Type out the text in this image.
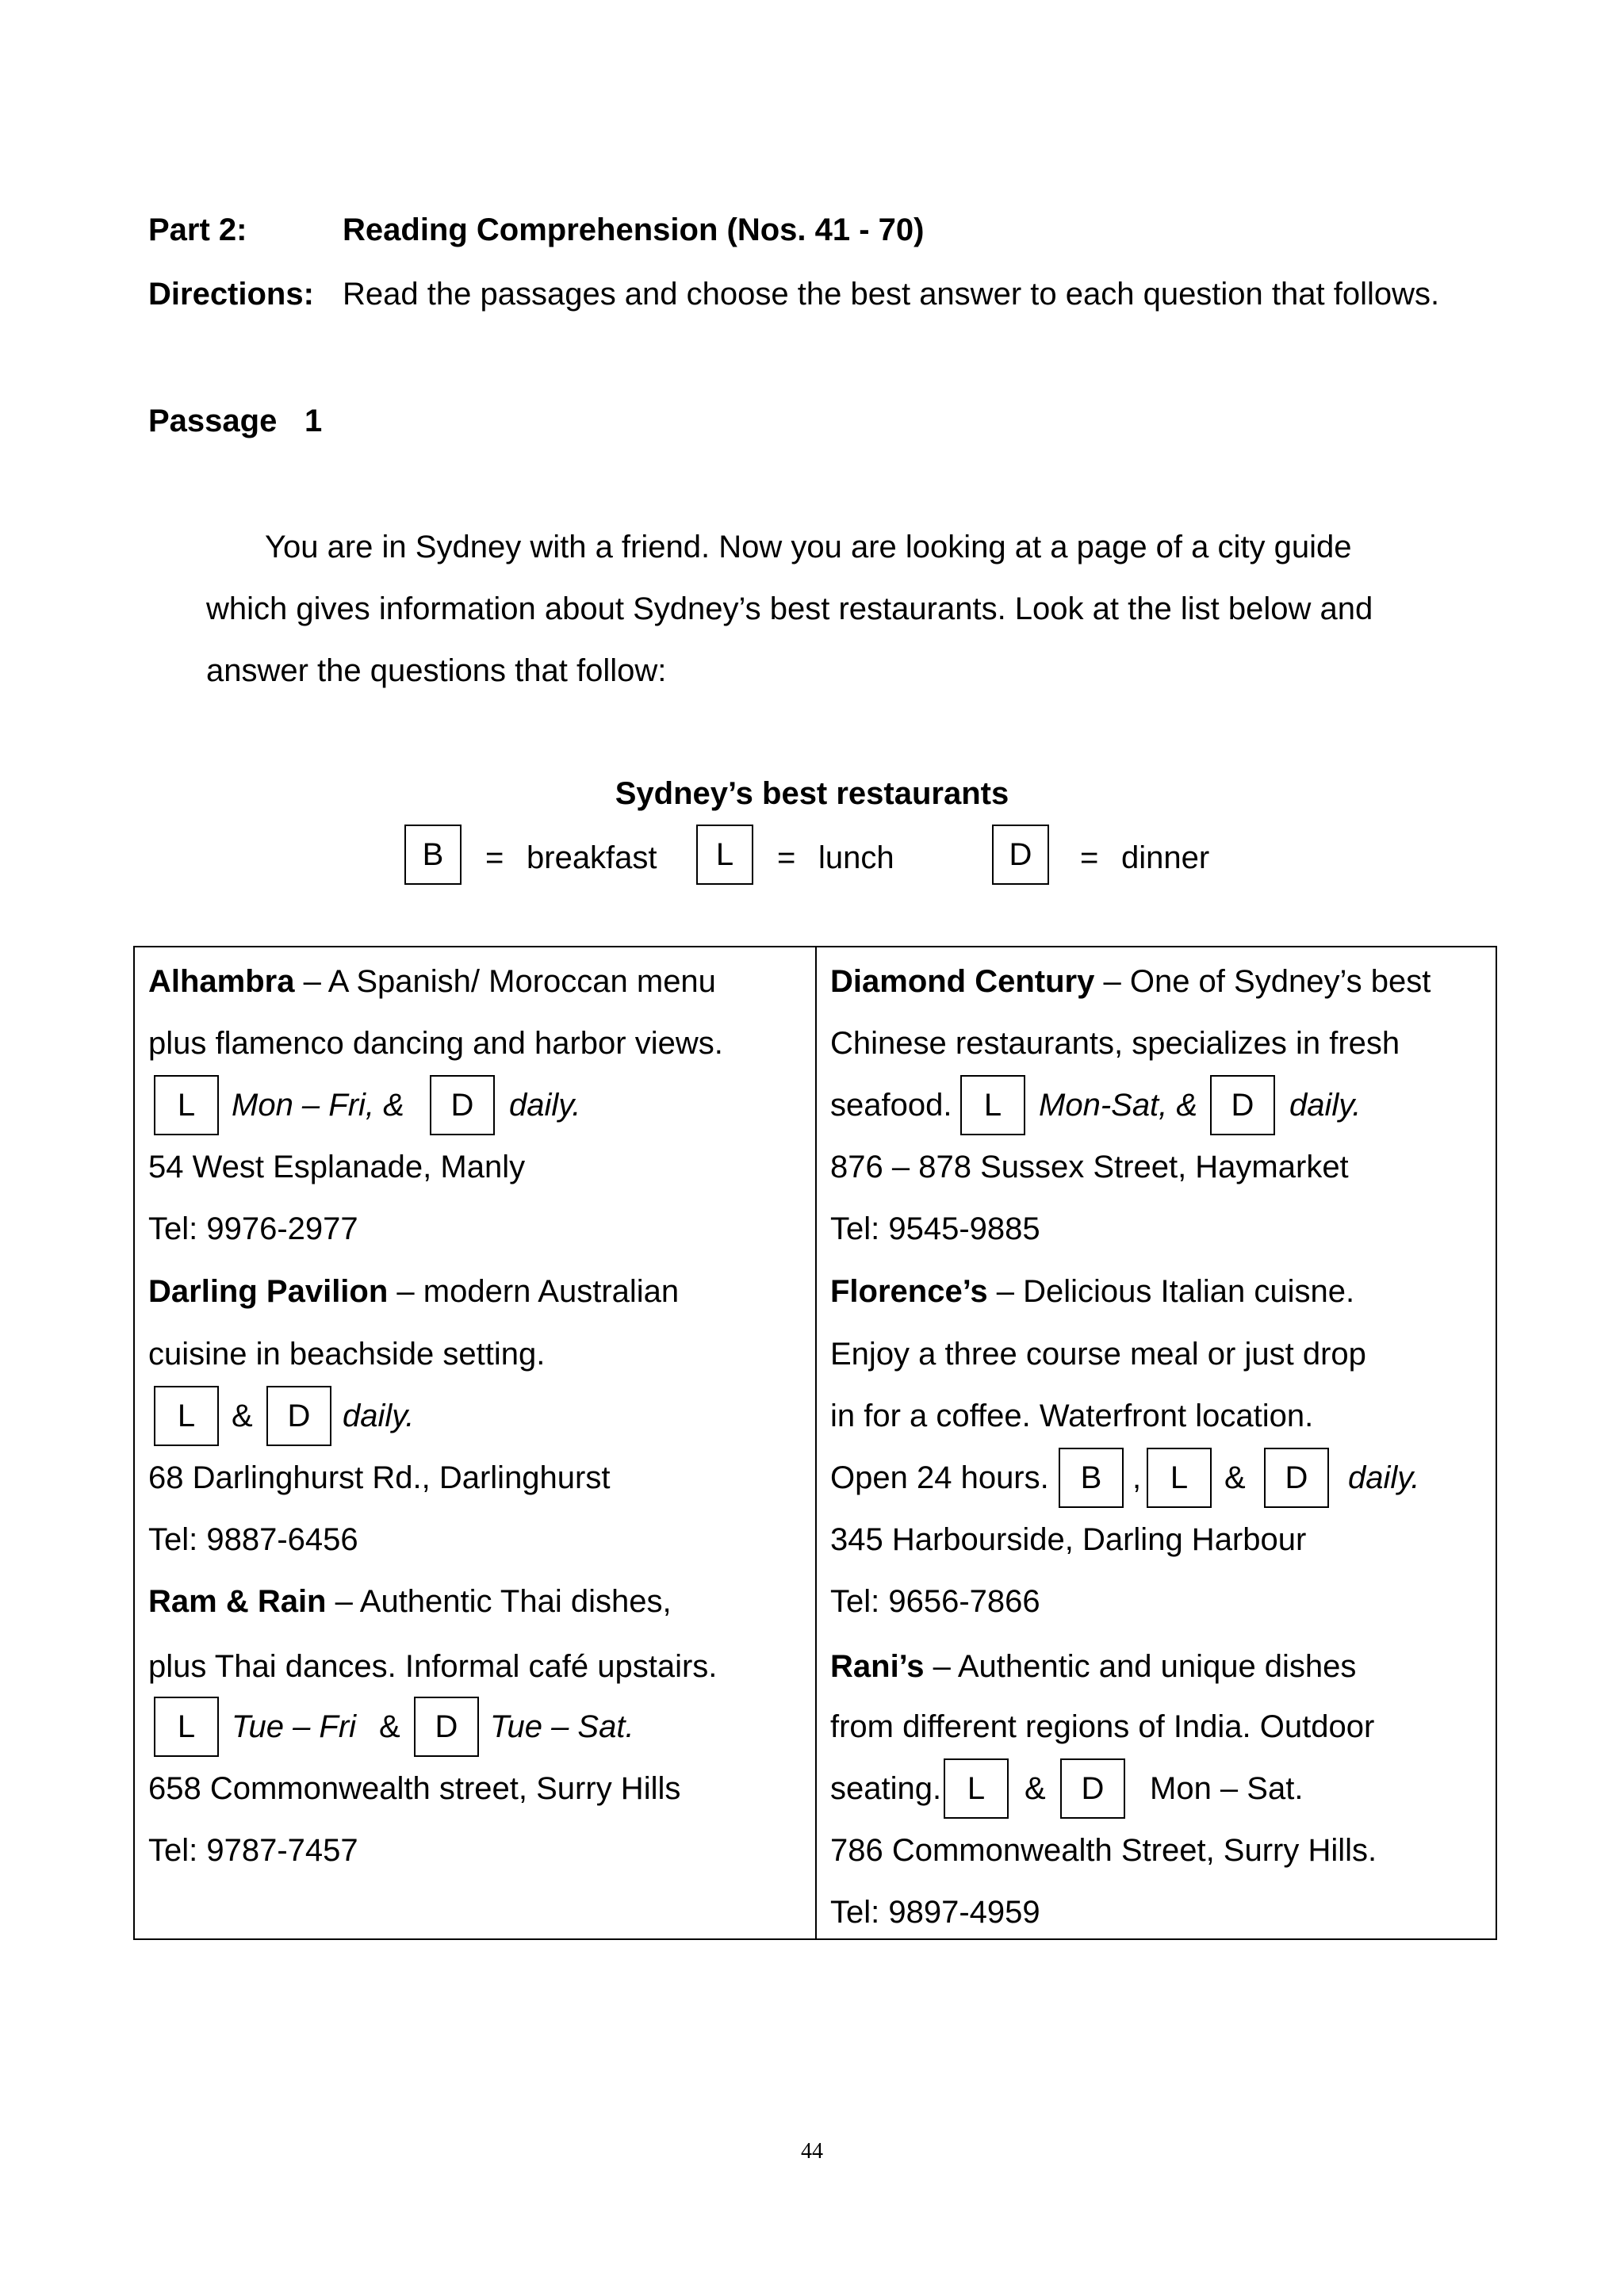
Part 2:	Reading Comprehension (Nos. 41 - 70)
Directions: Read the passages and choose the best answer to each question that follows.
Passage 1
You are in Sydney with a friend. Now you are looking at a page of a city guide
which gives information about Sydney’s best restaurants. Look at the list below and
answer the questions that follow:
Sydney’s best restaurants
B	= breakfast	L	= lunch	D	= dinner
Alhambra – A Spanish/ Moroccan menu
plus flamenco dancing and harbor views.
L	Mon – Fri, &	D	daily.
54 West Esplanade, Manly
Tel: 9976-2977
Darling Pavilion – modern Australian
cuisine in beachside setting.
L	&	D	daily.
68 Darlinghurst Rd., Darlinghurst
Tel: 9887-6456
Ram & Rain – Authentic Thai dishes,
plus Thai dances. Informal café upstairs.
L	Tue – Fri &	D	Tue – Sat.
658 Commonwealth street, Surry Hills
Tel: 9787-7457
Diamond Century – One of Sydney’s best
Chinese restaurants, specializes in fresh
seafood.	L	Mon-Sat, &	D	daily.
876 – 878 Sussex Street, Haymarket
Tel: 9545-9885
Florence’s – Delicious Italian cuisne.
Enjoy a three course meal or just drop
in for a coffee. Waterfront location.
Open 24 hours. B , L	&	D	daily.
345 Harbourside, Darling Harbour
Tel: 9656-7866
Rani’s – Authentic and unique dishes
from different regions of India. Outdoor
seating. L	&	D	Mon – Sat.
786 Commonwealth Street, Surry Hills.
Tel: 9897-4959
44
